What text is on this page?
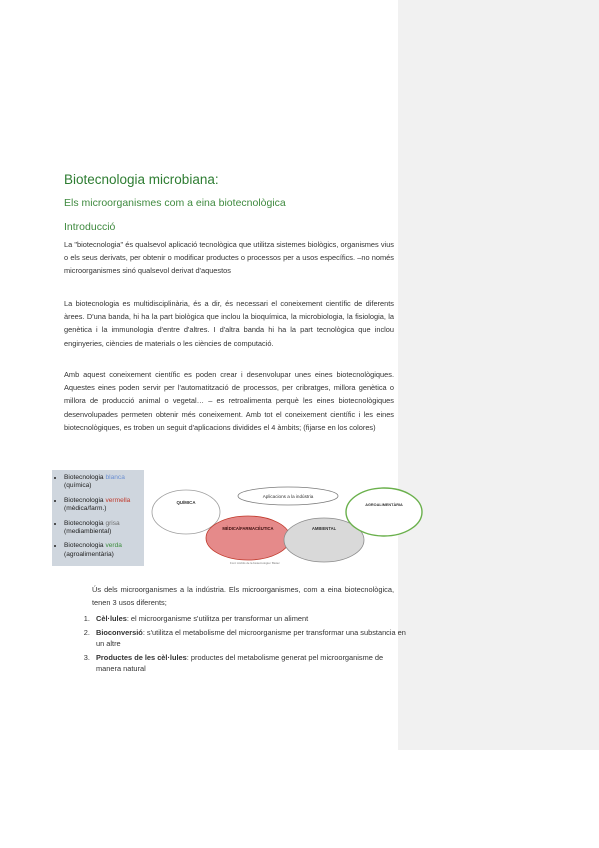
Biotecnologia microbiana:
Els microorganismes com a eina biotecnològica
Introducció
La "biotecnologia" és qualsevol aplicació tecnològica que utilitza sistemes biològics, organismes vius o els seus derivats, per obtenir o modificar productes o processos per a usos específics. –no només microorganismes sinó qualsevol derivat d'aquestos
La biotecnologia es multidisciplinària, és a dir, és necessari el coneixement científic de diferents àrees. D'una banda, hi ha la part biològica que inclou la bioquímica, la microbiologia, la fisiologia, la genètica i la immunologia d'entre d'altres. I d'altra banda hi ha la part tecnològica que inclou enginyeries, ciències de materials o les ciències de computació.
Amb aquest coneixement científic es poden crear i desenvolupar unes eines biotecnològiques. Aquestes eines poden servir per l'automatització de processos, per cribratges, millora genètica o millora de producció animal o vegetal… – es retroalimenta perquè les eines biotecnològiques desenvolupades permeten obtenir més coneixement. Amb tot el coneixement científic i les eines biotecnològiques, es troben un seguit d'aplicacions dividides el 4 àmbits; (fijarse en los colores)
• Biotecnologia blanca
(química)
• Biotecnologia vermella
(mèdica/farm.)
• Biotecnologia grisa
(mediambiental)
• Biotecnologia verda
(agroalimentària)
Aplicacions a la indústria
QUÍMICA
MÈDICA/FARMACÈUTICA	AMBIENTAL
AGROALIMENTÀRIA
Font: Ambits de la biotecnologia / Biotec
Ús dels microorganismes a la indústria. Els microorganismes, com a eina biotecnològica, tenen 3 usos diferents;
1. Cèl·lules: el microorganisme s'utilitza per transformar un aliment
2. Bioconversió: s'utilitza el metabolisme del microorganisme per transformar una substancia en un altre
3. Productes de les cèl·lules: productes del metabolisme generat pel microorganisme de manera natural
